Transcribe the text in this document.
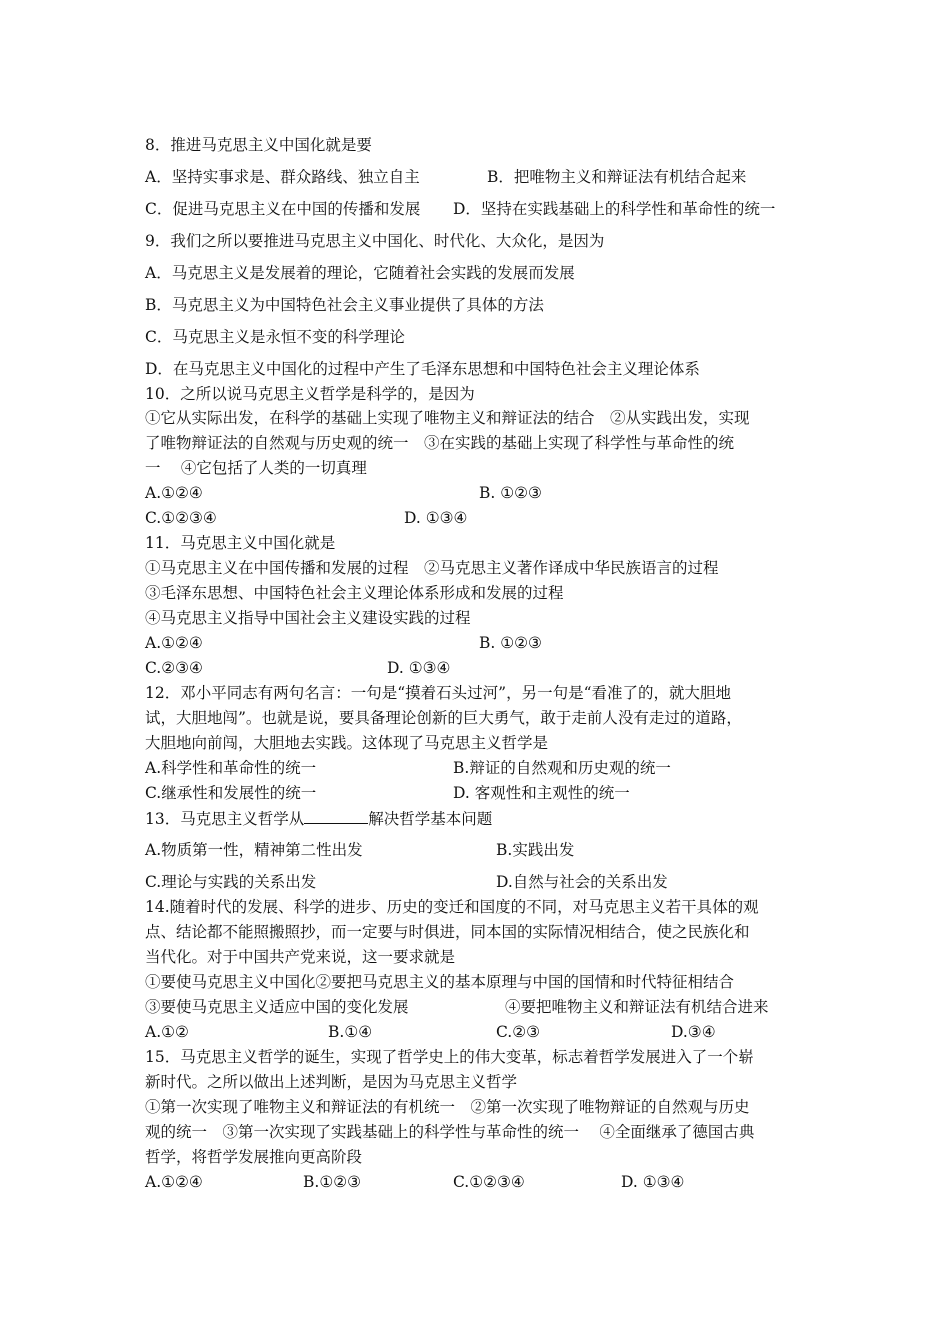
8．推进马克思主义中国化就是要
A．坚持实事求是、群众路线、独立自主	B．把唯物主义和辩证法有机结合起来
C．促进马克思主义在中国的传播和发展 D．坚持在实践基础上的科学性和革命性的统一
9．我们之所以要推进马克思主义中国化、时代化、大众化，是因为
A．马克思主义是发展着的理论，它随着社会实践的发展而发展
B．马克思主义为中国特色社会主义事业提供了具体的方法
C．马克思主义是永恒不变的科学理论
D．在马克思主义中国化的过程中产生了毛泽东思想和中国特色社会主义理论体系
10．之所以说马克思主义哲学是科学的，是因为
①它从实际出发，在科学的基础上实现了唯物主义和辩证法的结合　②从实践出发，实现
了唯物辩证法的自然观与历史观的统一　③在实践的基础上实现了科学性与革命性的统
一　 ④它包括了人类的一切真理
A.①②④	B. ①②③
C.①②③④	D. ①③④
11．马克思主义中国化就是
①马克思主义在中国传播和发展的过程　②马克思主义著作译成中华民族语言的过程
③毛泽东思想、中国特色社会主义理论体系形成和发展的过程
④马克思主义指导中国社会主义建设实践的过程
A.①②④	B. ①②③
C.②③④	D. ①③④
12．邓小平同志有两句名言：一句是“摸着石头过河”，另一句是“看准了的，就大胆地
试，大胆地闯”。也就是说，要具备理论创新的巨大勇气，敢于走前人没有走过的道路，
大胆地向前闯，大胆地去实践。这体现了马克思主义哲学是
A.科学性和革命性的统一	B.辩证的自然观和历史观的统一
C.继承性和发展性的统一	D. 客观性和主观性的统一
13．马克思主义哲学从	解决哲学基本问题
A.物质第一性，精神第二性出发	B.实践出发
C.理论与实践的关系出发	D.自然与社会的关系出发
14.随着时代的发展、科学的进步、历史的变迁和国度的不同，对马克思主义若干具体的观
点、结论都不能照搬照抄，而一定要与时俱进，同本国的实际情况相结合，使之民族化和
当代化。对于中国共产党来说，这一要求就是
①要使马克思主义中国化②要把马克思主义的基本原理与中国的国情和时代特征相结合
③要使马克思主义适应中国的变化发展	④要把唯物主义和辩证法有机结合进来
A.①②	B.①④	C.②③	D.③④
15．马克思主义哲学的诞生，实现了哲学史上的伟大变革，标志着哲学发展进入了一个崭
新时代。之所以做出上述判断，是因为马克思主义哲学
①第一次实现了唯物主义和辩证法的有机统一　②第一次实现了唯物辩证的自然观与历史
观的统一　③第一次实现了实践基础上的科学性与革命性的统一　 ④全面继承了德国古典
哲学，将哲学发展推向更高阶段
A.①②④	B.①②③	C.①②③④	D. ①③④
